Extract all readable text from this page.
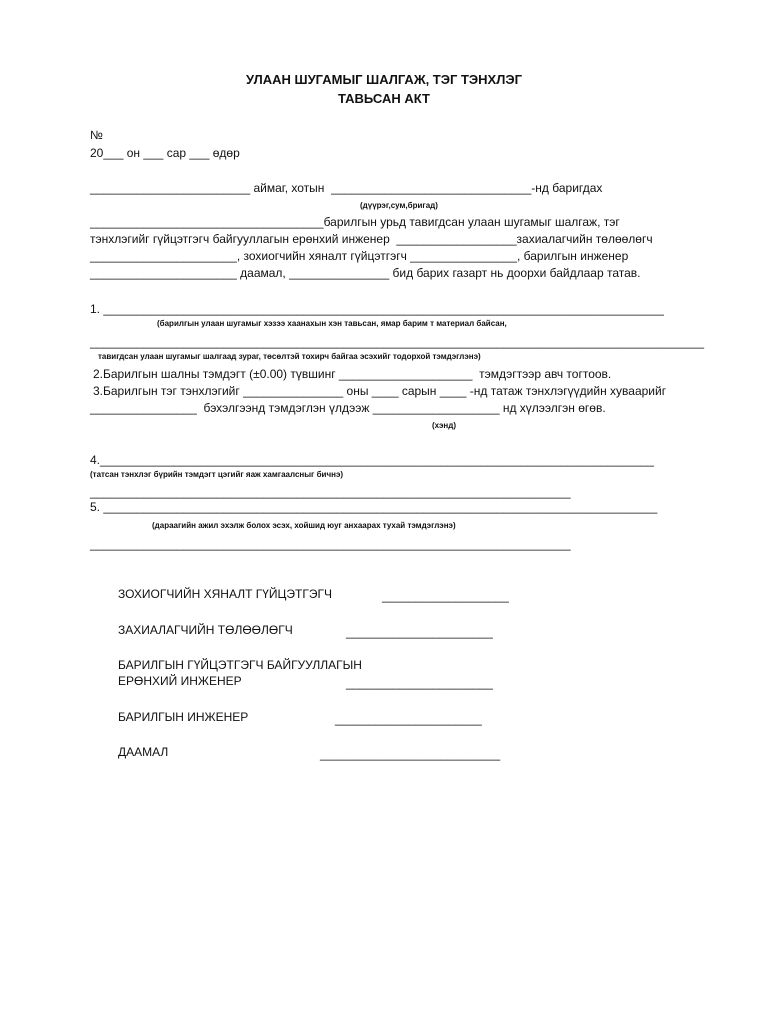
УЛААН ШУГАМЫГ ШАЛГАЖ, ТЭГ ТЭНХЛЭГ
ТАВЬСАН АКТ
№
20___ он ___ сар ___ өдөр
________________________ аймаг, хотын  ______________________________-нд баригдах
(дүүрэг,сум,бригад)
___________________________________барилгын урьд тавигдсан улаан шугамыг шалгаж, тэг
тэнхлэгийг гүйцэтгэгч байгууллагын ерөнхий инженер  __________________захиалагчийн төлөөлөгч
______________________, зохиогчийн хяналт гүйцэтгэгч ________________, барилгын инженер
______________________ даамал, _______________ бид барих газарт нь доорхи байдлаар татав.
1. ____________________________________________________________________________________
(барилгын улаан шугамыг хэзээ хаанахын хэн тавьсан, ямар барим т материал байсан,
____________________________________________________________________________________________
тавигдсан улаан шугамыг шалгаад зураг, төсөлтэй тохирч байгаа эсэхийг тодорхой тэмдэглэнэ)
2.Барилгын шалны тэмдэгт (±0.00) түвшинг ____________________  тэмдэгтээр авч тогтоов.
3.Барилгын тэг тэнхлэгийг _______________ оны ____ сарын ____ -нд татаж тэнхлэгүүдийн хуваарийг
________________  бэхэлгээнд тэмдэглэн үлдээж ___________________ нд хүлээлгэн өгөв.
(хэнд)
4.___________________________________________________________________________________
(татсан тэнхлэг бүрийн тэмдэгт цэгийг яаж хамгаалсныг бичнэ)
________________________________________________________________________
5. ___________________________________________________________________________________
(дараагийн ажил эхэлж болох эсэх, хойшид юуг анхаарах тухай тэмдэглэнэ)
________________________________________________________________________
ЗОХИОГЧИЙН ХЯНАЛТ ГҮЙЦЭТГЭГЧ	___________________
ЗАХИАЛАГЧИЙН ТӨЛӨӨЛӨГЧ	______________________
БАРИЛГЫН ГҮЙЦЭТГЭГЧ БАЙГУУЛЛАГЫН
ЕРӨНХИЙ ИНЖЕНЕР	______________________
БАРИЛГЫН ИНЖЕНЕР	______________________
ДААМАЛ	___________________________
